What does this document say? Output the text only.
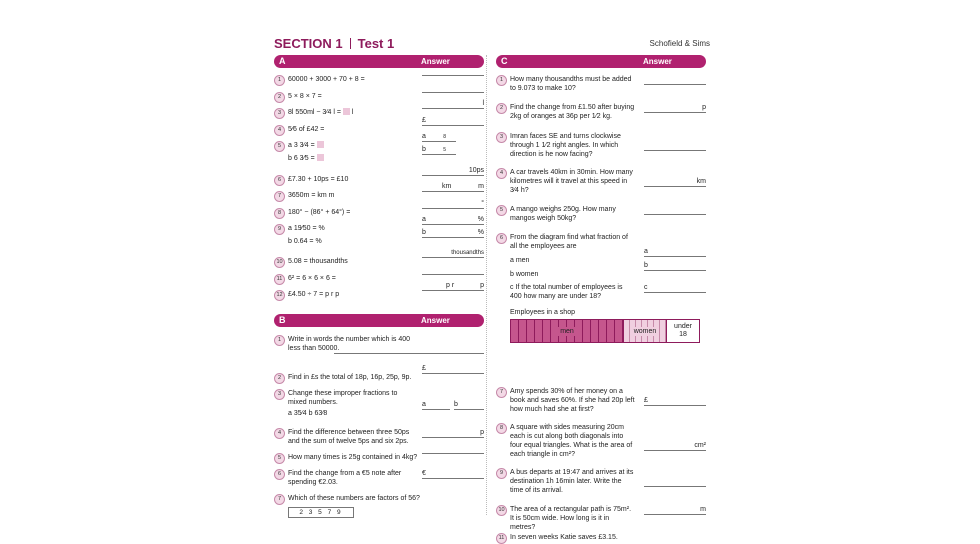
SECTION 1 Test 1	Schofield & Sims
A	Answer
1 60000 + 3000 + 70 + 8 =
2 5 × 8 × 7 =
3 8l 550ml − 3⁄4 l =  l
l
4 5⁄6 of £42 =
£
5 a 3 3⁄4 =
b 6 3⁄5 =
a	8
b	5
6 £7.30 + 10ps = £10
10ps
7 3650m = km m
km	m
8 180° − (86° + 64°) =
°
9 a 19⁄50 = %
b 0.64 = %
a	%
b	%
10 5.08 = thousandths
thousandths
11 6² = 6 × 6 × 6 =
12 £4.50 ÷ 7 = p r p
p r	p
B	Answer
1 Write in words the number which is 400 less than 50000.
2 Find in £s the total of 18p, 16p, 25p, 9p.
£
3 Change these improper fractions to mixed numbers.
a 35⁄4 b 63⁄8
a	b
4 Find the difference between three 50ps and the sum of twelve 5ps and six 2ps.
p
5 How many times is 25g contained in 4kg?
6 Find the change from a €5 note after spending €2.03.
€
7 Which of these numbers are factors of 56?
2 3 5 7 9
C	Answer
1 How many thousandths must be added to 9.073 to make 10?
2 Find the change from £1.50 after buying 2kg of oranges at 36p per 1⁄2 kg.
p
3 Imran faces SE and turns clockwise through 1 1⁄2 right angles. In which direction is he now facing?
4 A car travels 40km in 30min. How many kilometres will it travel at this speed in 3⁄4 h?
km
5 A mango weighs 250g. How many mangos weigh 50kg?
6 From the diagram find what fraction of all the employees are
a men
b women
c If the total number of employees is 400 how many are under 18?
a
b
c
Employees in a shop
men	women
under 18
7 Amy spends 30% of her money on a book and saves 60%. If she had 20p left how much had she at first?
£
8 A square with sides measuring 20cm each is cut along both diagonals into four equal triangles. What is the area of each triangle in cm²?
cm²
9 A bus departs at 19:47 and arrives at its destination 1h 16min later. Write the time of its arrival.
10 The area of a rectangular path is 75m². It is 50cm wide. How long is it in metres?
m
11 In seven weeks Katie saves £3.15.
